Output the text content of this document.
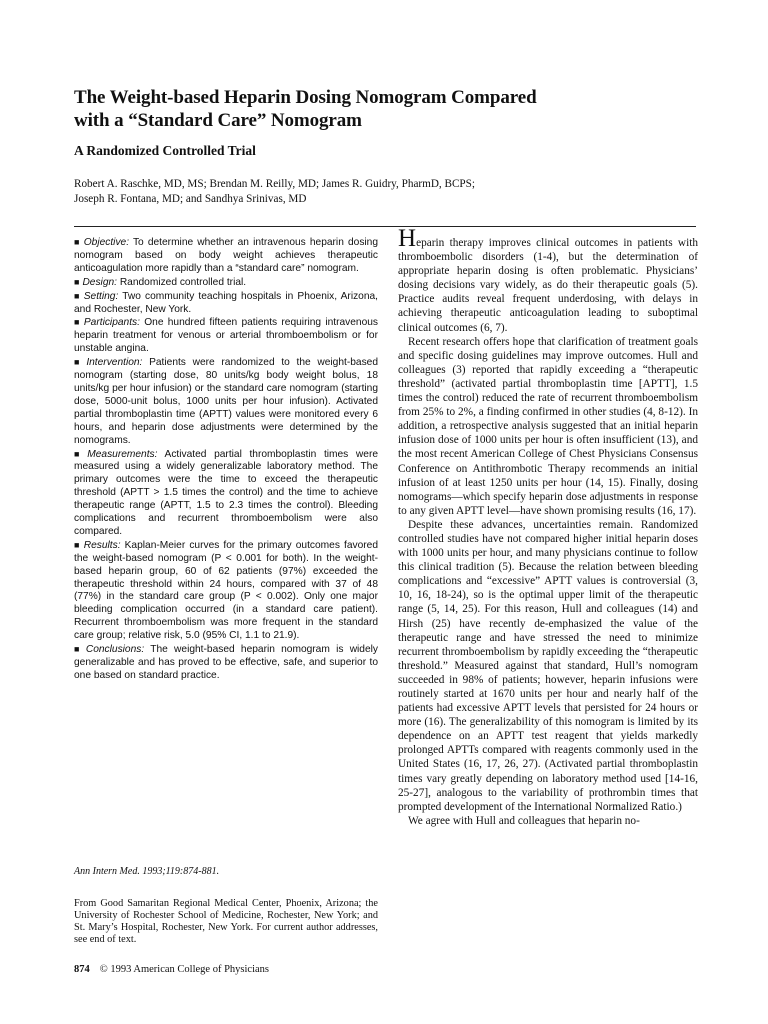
The Weight-based Heparin Dosing Nomogram Compared
with a “Standard Care” Nomogram
A Randomized Controlled Trial
Robert A. Raschke, MD, MS; Brendan M. Reilly, MD; James R. Guidry, PharmD, BCPS;
Joseph R. Fontana, MD; and Sandhya Srinivas, MD

■ Objective: To determine whether an intravenous heparin dosing nomogram based on body weight achieves therapeutic anticoagulation more rapidly than a “standard care” nomogram.

■ Design: Randomized controlled trial.

■ Setting: Two community teaching hospitals in Phoenix, Arizona, and Rochester, New York.

■ Participants: One hundred fifteen patients requiring intravenous heparin treatment for venous or arterial thromboembolism or for unstable angina.

■ Intervention: Patients were randomized to the weight-based nomogram (starting dose, 80 units/kg body weight bolus, 18 units/kg per hour infusion) or the standard care nomogram (starting dose, 5000-unit bolus, 1000 units per hour infusion). Activated partial thromboplastin time (APTT) values were monitored every 6 hours, and heparin dose adjustments were determined by the nomograms.

■ Measurements: Activated partial thromboplastin times were measured using a widely generalizable laboratory method. The primary outcomes were the time to exceed the therapeutic threshold (APTT > 1.5 times the control) and the time to achieve therapeutic range (APTT, 1.5 to 2.3 times the control). Bleeding complications and recurrent thromboembolism were also compared.

■ Results: Kaplan-Meier curves for the primary outcomes favored the weight-based nomogram (P < 0.001 for both). In the weight-based heparin group, 60 of 62 patients (97%) exceeded the therapeutic threshold within 24 hours, compared with 37 of 48 (77%) in the standard care group (P < 0.002). Only one major bleeding complication occurred (in a standard care patient). Recurrent thromboembolism was more frequent in the standard care group; relative risk, 5.0 (95% CI, 1.1 to 21.9).

■ Conclusions: The weight-based heparin nomogram is widely generalizable and has proved to be effective, safe, and superior to one based on standard practice.

Ann Intern Med. 1993;119:874-881.
From Good Samaritan Regional Medical Center, Phoenix, Arizona; the University of Rochester School of Medicine, Rochester, New York; and St. Mary’s Hospital, Rochester, New York. For current author addresses, see end of text.
874 © 1993 American College of Physicians

Heparin therapy improves clinical outcomes in patients with thromboembolic disorders (1-4), but the determination of appropriate heparin dosing is often problematic. Physicians’ dosing decisions vary widely, as do their therapeutic goals (5). Practice audits reveal frequent underdosing, with delays in achieving therapeutic anticoagulation leading to suboptimal clinical outcomes (6, 7).

Recent research offers hope that clarification of treatment goals and specific dosing guidelines may improve outcomes. Hull and colleagues (3) reported that rapidly exceeding a “therapeutic threshold” (activated partial thromboplastin time [APTT], 1.5 times the control) reduced the rate of recurrent thromboembolism from 25% to 2%, a finding confirmed in other studies (4, 8-12). In addition, a retrospective analysis suggested that an initial heparin infusion dose of 1000 units per hour is often insufficient (13), and the most recent American College of Chest Physicians Consensus Conference on Antithrombotic Therapy recommends an initial infusion of at least 1250 units per hour (14, 15). Finally, dosing nomograms—which specify heparin dose adjustments in response to any given APTT level—have shown promising results (16, 17).

Despite these advances, uncertainties remain. Randomized controlled studies have not compared higher initial heparin doses with 1000 units per hour, and many physicians continue to follow this clinical tradition (5). Because the relation between bleeding complications and “excessive” APTT values is controversial (3, 10, 16, 18-24), so is the optimal upper limit of the therapeutic range (5, 14, 25). For this reason, Hull and colleagues (14) and Hirsh (25) have recently de-emphasized the value of the therapeutic range and have stressed the need to minimize recurrent thromboembolism by rapidly exceeding the “therapeutic threshold.” Measured against that standard, Hull’s nomogram succeeded in 98% of patients; however, heparin infusions were routinely started at 1670 units per hour and nearly half of the patients had excessive APTT levels that persisted for 24 hours or more (16). The generalizability of this nomogram is limited by its dependence on an APTT test reagent that yields markedly prolonged APTTs compared with reagents commonly used in the United States (16, 17, 26, 27). (Activated partial thromboplastin times vary greatly depending on laboratory method used [14-16, 25-27], analogous to the variability of prothrombin times that prompted development of the International Normalized Ratio.)

We agree with Hull and colleagues that heparin no-
